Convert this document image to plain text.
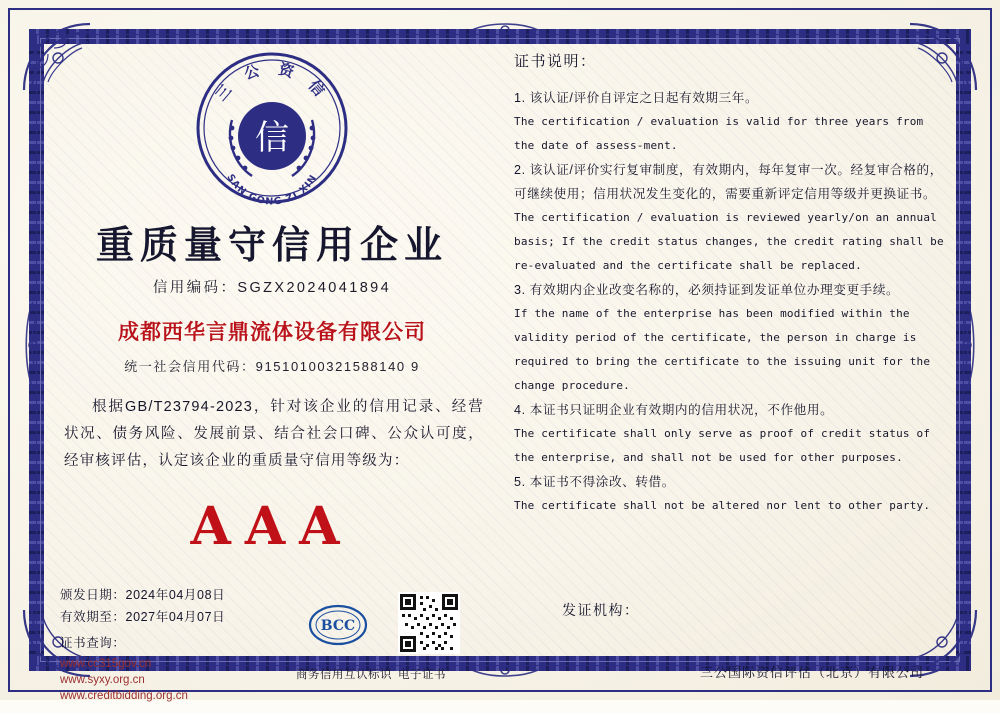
三 公 资 信
信
SAN GONG ZI XIN
重质量守信用企业
信用编码：SGZX2024041894
成都西华言鼎流体设备有限公司
统一社会信用代码：91510100321588140 9
根据GB/T23794-2023，针对该企业的信用记录、经营状况、债务风险、发展前景、结合社会口碑、公众认可度，经审核评估，认定该企业的重质量守信用等级为：
AAA
颁发日期：2024年04月08日
有效期至：2027年04月07日
证书查询：
www.cc315gov.cn
www.syxy.org.cn
www.creditbidding.org.cn
BCC
商务信用互认标识 电子证书
证书说明：
1. 该认证/评价自评定之日起有效期三年。
The certification / evaluation is valid for three years from the date of assess-ment.
2. 该认证/评价实行复审制度，有效期内，每年复审一次。经复审合格的，可继续使用；信用状况发生变化的，需要重新评定信用等级并更换证书。
The certification / evaluation is reviewed yearly/on an annual basis; If the credit status changes, the credit rating shall be re-evaluated and the certificate shall be replaced.
3. 有效期内企业改变名称的，必须持证到发证单位办理变更手续。
If the name of the enterprise has been modified within the validity period of the certificate, the person in charge is required to bring the certificate to the issuing unit for the change procedure.
4. 本证书只证明企业有效期内的信用状况，不作他用。
The certificate shall only serve as proof of credit status of the enterprise, and shall not be used for other purposes.
5. 本证书不得涂改、转借。
The certificate shall not be altered nor lent to other party.
发证机构：
三公国际资信评估（北京）有限公司
